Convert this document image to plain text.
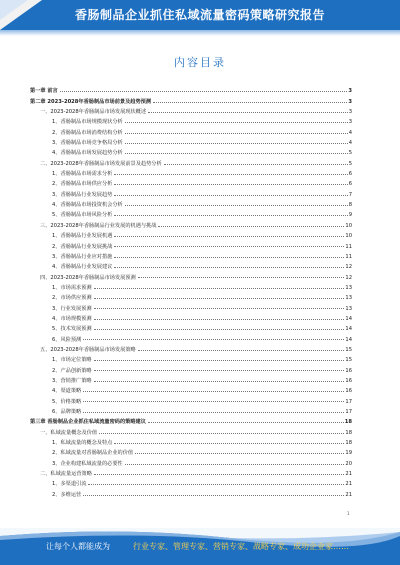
香肠制品企业抓住私域流量密码策略研究报告
内容目录
第一章 前言	3
第二章 2023-2028年香肠制品市场前景及趋势预测	3
一、2023-2028年香肠制品市场发展现状概述	3
1、香肠制品市场规模现状分析	3
2、香肠制品市场消费结构分析	4
3、香肠制品市场竞争格局分析	4
4、香肠制品市场发展趋势分析	5
二、2023-2028年香肠制品市场发展前景及趋势分析	5
1、香肠制品市场需求分析	6
2、香肠制品市场供应分析	6
3、香肠制品行业发展趋势	7
4、香肠制品市场投资机会分析	8
5、香肠制品市场风险分析	9
三、2023-2028年香肠制品行业发展的机遇与挑战	10
1、香肠制品行业发展机遇	10
2、香肠制品行业发展挑战	11
3、香肠制品行业应对措施	11
4、香肠制品行业发展建议	12
四、2023-2028年香肠制品市场发展预测	12
1、市场需求预测	13
2、市场供应预测	13
3、行业发展预测	13
4、市场规模预测	14
5、技术发展预测	14
6、风险预测	14
五、2023-2028年香肠制品市场发展策略	15
1、市场定位策略	15
2、产品创新策略	16
3、营销推广策略	16
4、渠道策略	16
5、价格策略	17
6、品牌策略	17
第三章 香肠制品企业抓住私域流量密码的策略建议	18
一、私域流量概念及价值	18
1、私域流量的概念及特点	18
2、私域流量对香肠制品企业的价值	19
3、企业构建私域流量的必要性	20
二、私域流量运营策略	21
1、多渠道引流	21
2、多维运营	21
1
让每个人都能成为	行业专家、管理专家、营销专家、战略专家、成功企业家……
